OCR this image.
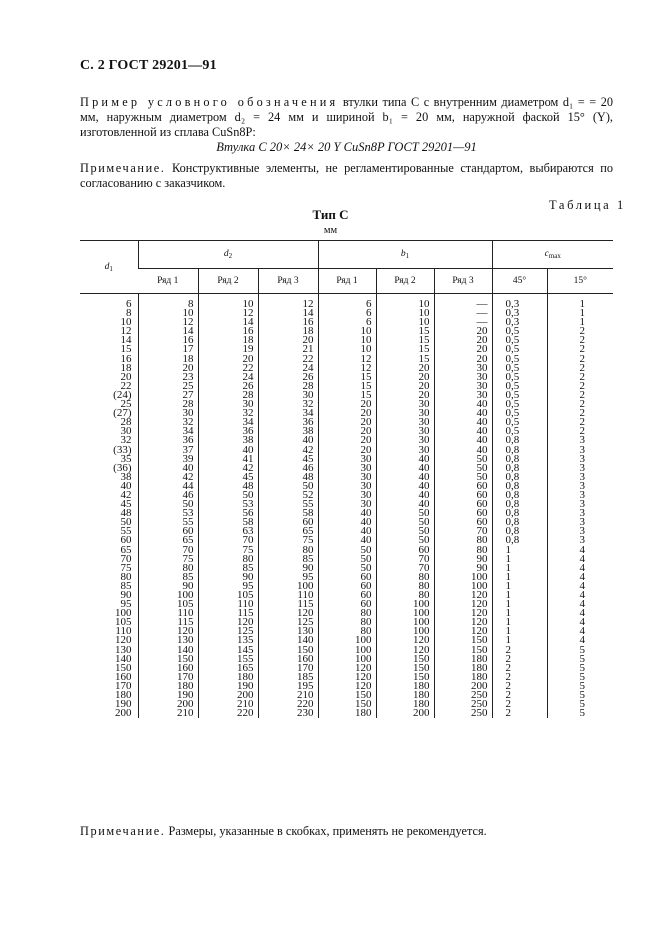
С. 2 ГОСТ 29201—91
Пример условного обозначения втулки типа С с внутренним диаметром d₁ = = 20 мм, наружным диаметром d₂ = 24 мм и шириной b₁ = 20 мм, наружной фаской 15° (Y), изготовленной из сплава CuSn8P:
Втулка С 20× 24× 20 Y CuSn8P ГОСТ 29201—91
Примечание. Конструктивные элементы, не регламентированные стандартом, выбираются по согласованию с заказчиком.
Таблица 1
Тип С
мм
$d_1$	$d_2$			$b_1$			$c_{max}$
	Ряд 1	Ряд 2	Ряд 3	Ряд 1	Ряд 2	Ряд 3	45°	15°
6	8	10	12	6	10	—	0,3	1
8	10	12	14	6	10	—	0,3	1
10	12	14	16	6	10	—	0,3	1
12	14	16	18	10	15	20	0,5	2
14	16	18	20	10	15	20	0,5	2
15	17	19	21	10	15	20	0,5	2
16	18	20	22	12	15	20	0,5	2
18	20	22	24	12	20	30	0,5	2
20	23	24	26	15	20	30	0,5	2
22	25	26	28	15	20	30	0,5	2
(24)	27	28	30	15	20	30	0,5	2
25	28	30	32	20	30	40	0,5	2
(27)	30	32	34	20	30	40	0,5	2
28	32	34	36	20	30	40	0,5	2
30	34	36	38	20	30	40	0,5	2
32	36	38	40	20	30	40	0,8	3
(33)	37	40	42	20	30	40	0,8	3
35	39	41	45	30	40	50	0,8	3
(36)	40	42	46	30	40	50	0,8	3
38	42	45	48	30	40	50	0,8	3
40	44	48	50	30	40	60	0,8	3
42	46	50	52	30	40	60	0,8	3
45	50	53	55	30	40	60	0,8	3
48	53	56	58	40	50	60	0,8	3
50	55	58	60	40	50	60	0,8	3
55	60	63	65	40	50	70	0,8	3
60	65	70	75	40	50	80	0,8	3
65	70	75	80	50	60	80	1	4
70	75	80	85	50	70	90	1	4
75	80	85	90	50	70	90	1	4
80	85	90	95	60	80	100	1	4
85	90	95	100	60	80	100	1	4
90	100	105	110	60	80	120	1	4
95	105	110	115	60	100	120	1	4
100	110	115	120	80	100	120	1	4
105	115	120	125	80	100	120	1	4
110	120	125	130	80	100	120	1	4
120	130	135	140	100	120	150	1	4
130	140	145	150	100	120	150	2	5
140	150	155	160	100	150	180	2	5
150	160	165	170	120	150	180	2	5
160	170	180	185	120	150	180	2	5
170	180	190	195	120	180	200	2	5
180	190	200	210	150	180	250	2	5
190	200	210	220	150	180	250	2	5
200	210	220	230	180	200	250	2	5
Примечание. Размеры, указанные в скобках, применять не рекомендуется.
